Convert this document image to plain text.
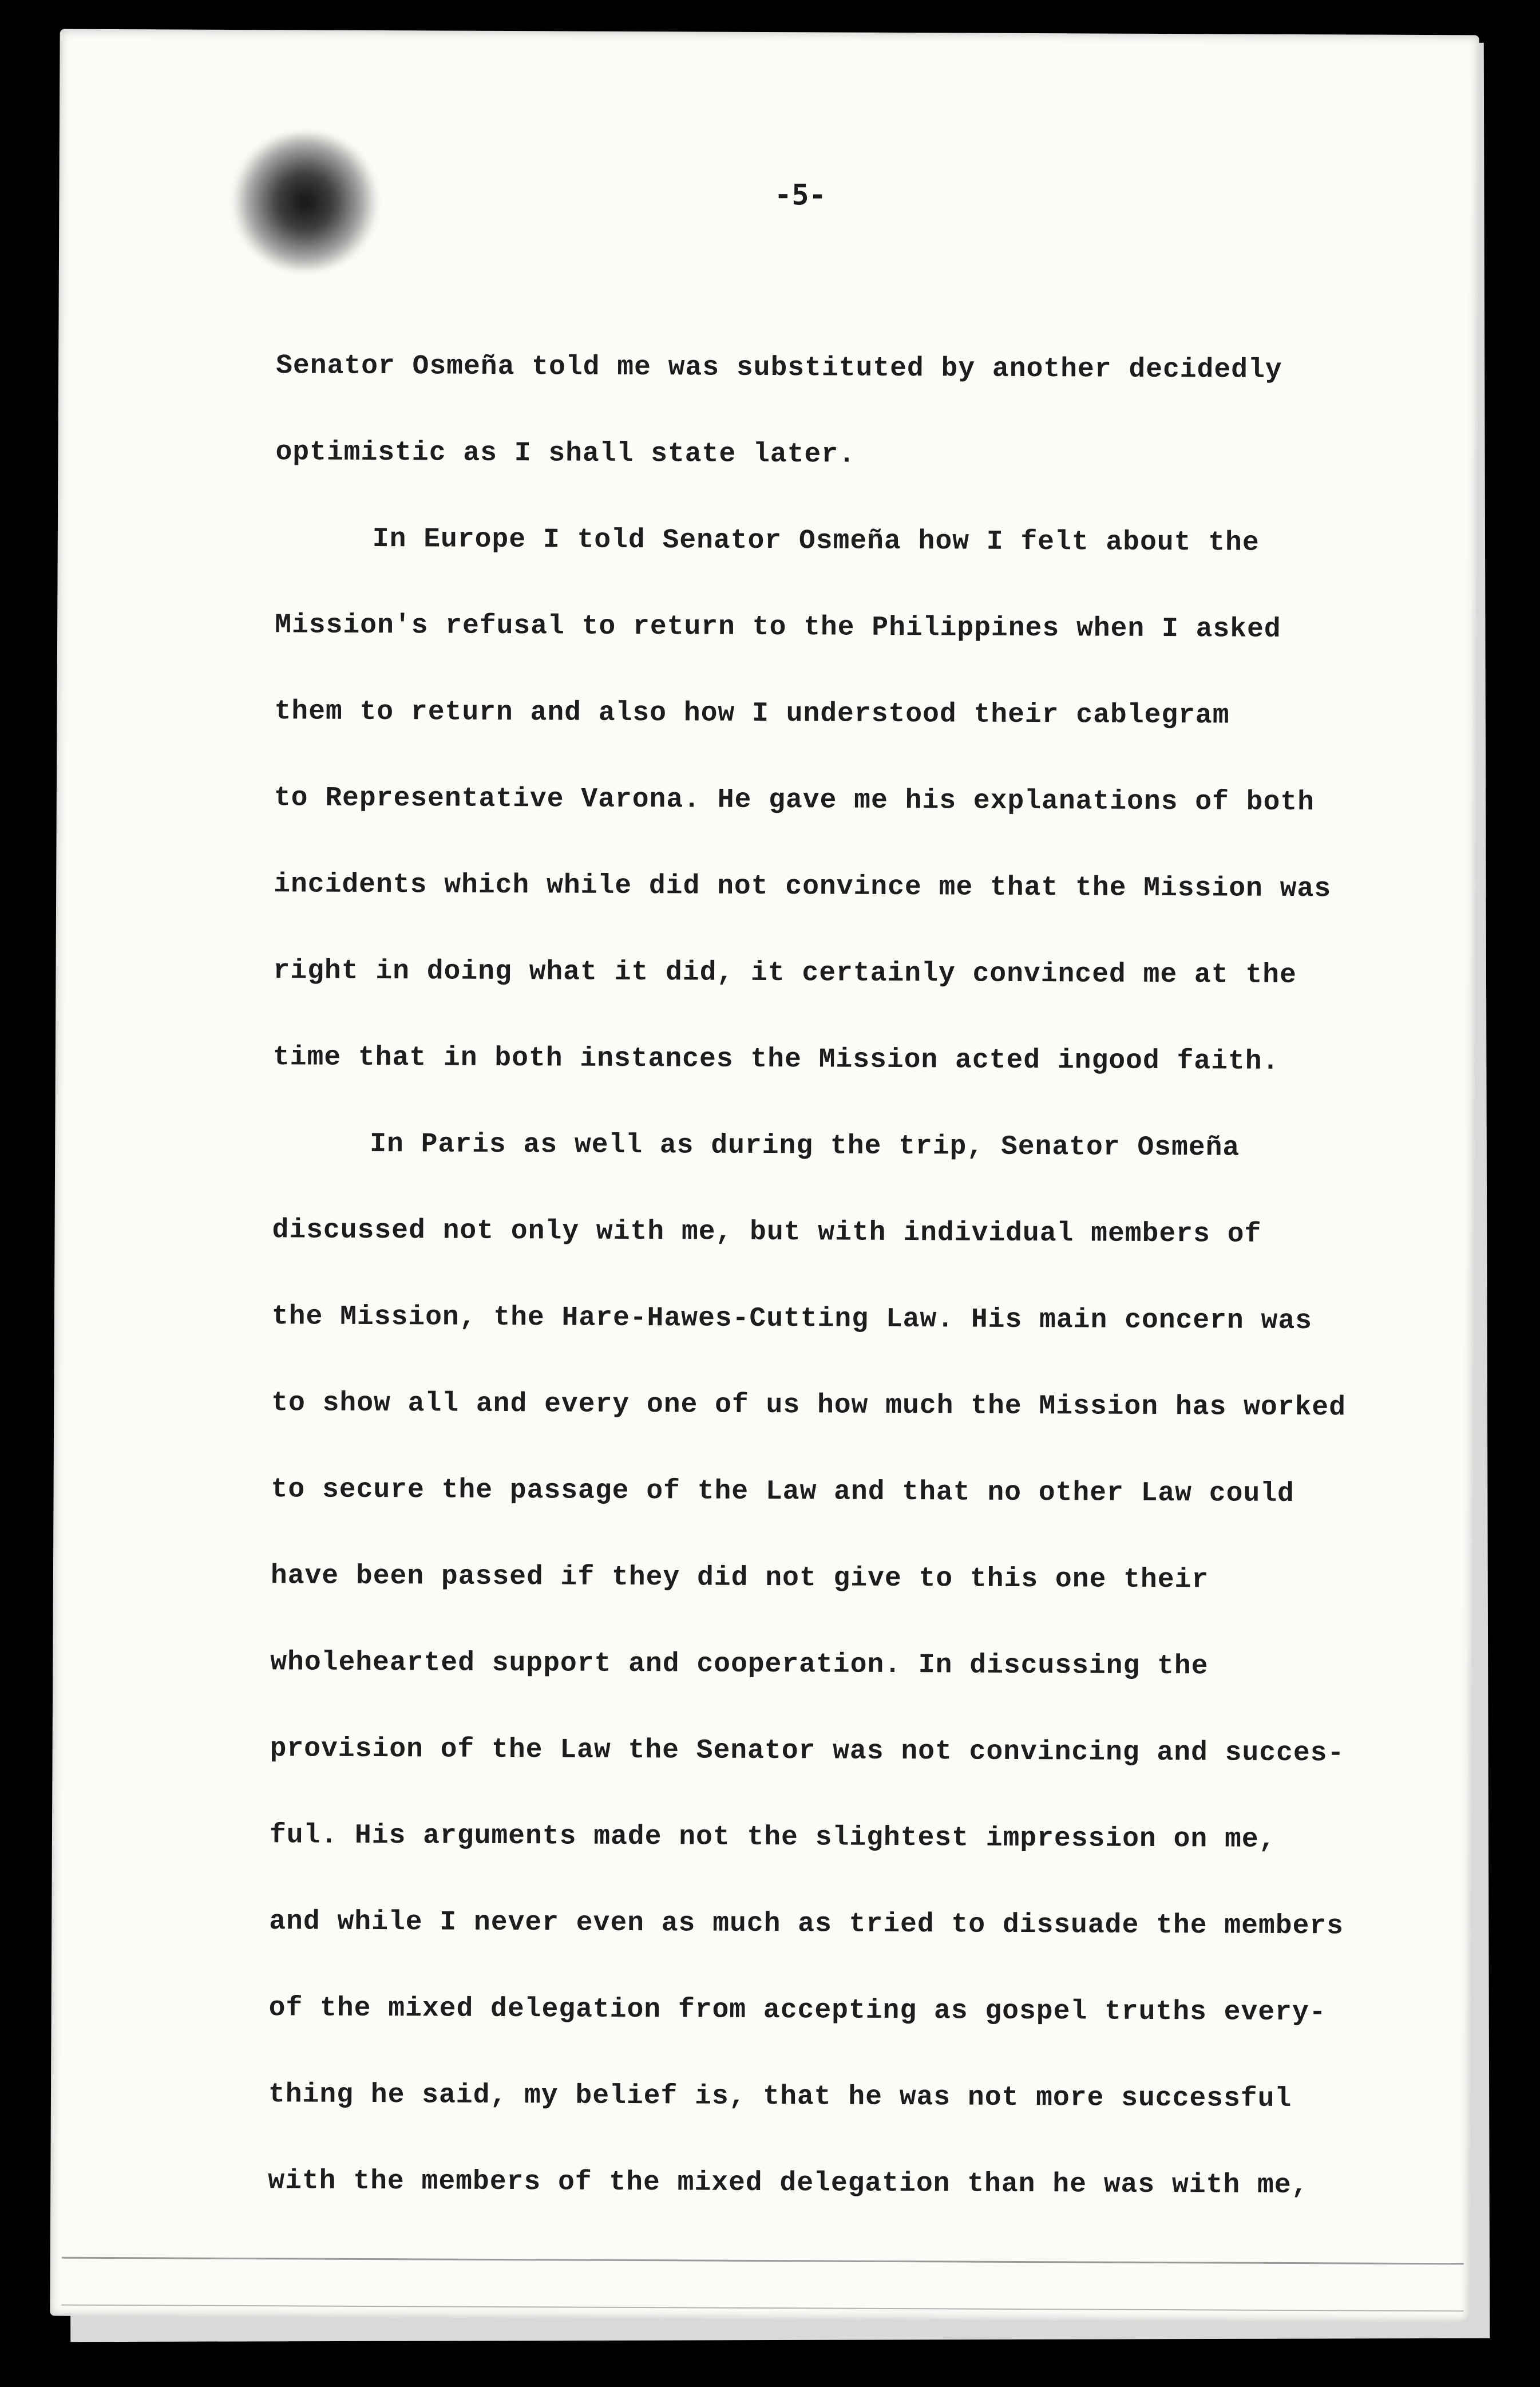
-5-
Senator Osmeña told me was substituted by another decidedly
optimistic as I shall state later.
In Europe I told Senator Osmeña how I felt about the
Mission's refusal to return to the Philippines when I asked
them to return and also how I understood their cablegram
to Representative Varona. He gave me his explanations of both
incidents which while did not convince me that the Mission was
right in doing what it did, it certainly convinced me at the
time that in both instances the Mission acted ingood faith.
In Paris as well as during the trip, Senator Osmeña
discussed not only with me, but with individual members of
the Mission, the Hare-Hawes-Cutting Law. His main concern was
to show all and every one of us how much the Mission has worked
to secure the passage of the Law and that no other Law could
have been passed if they did not give to this one their
wholehearted support and cooperation. In discussing the
provision of the Law the Senator was not convincing and succes-
ful. His arguments made not the slightest impression on me,
and while I never even as much as tried to dissuade the members
of the mixed delegation from accepting as gospel truths every-
thing he said, my belief is, that he was not more successful
with the members of the mixed delegation than he was with me,
